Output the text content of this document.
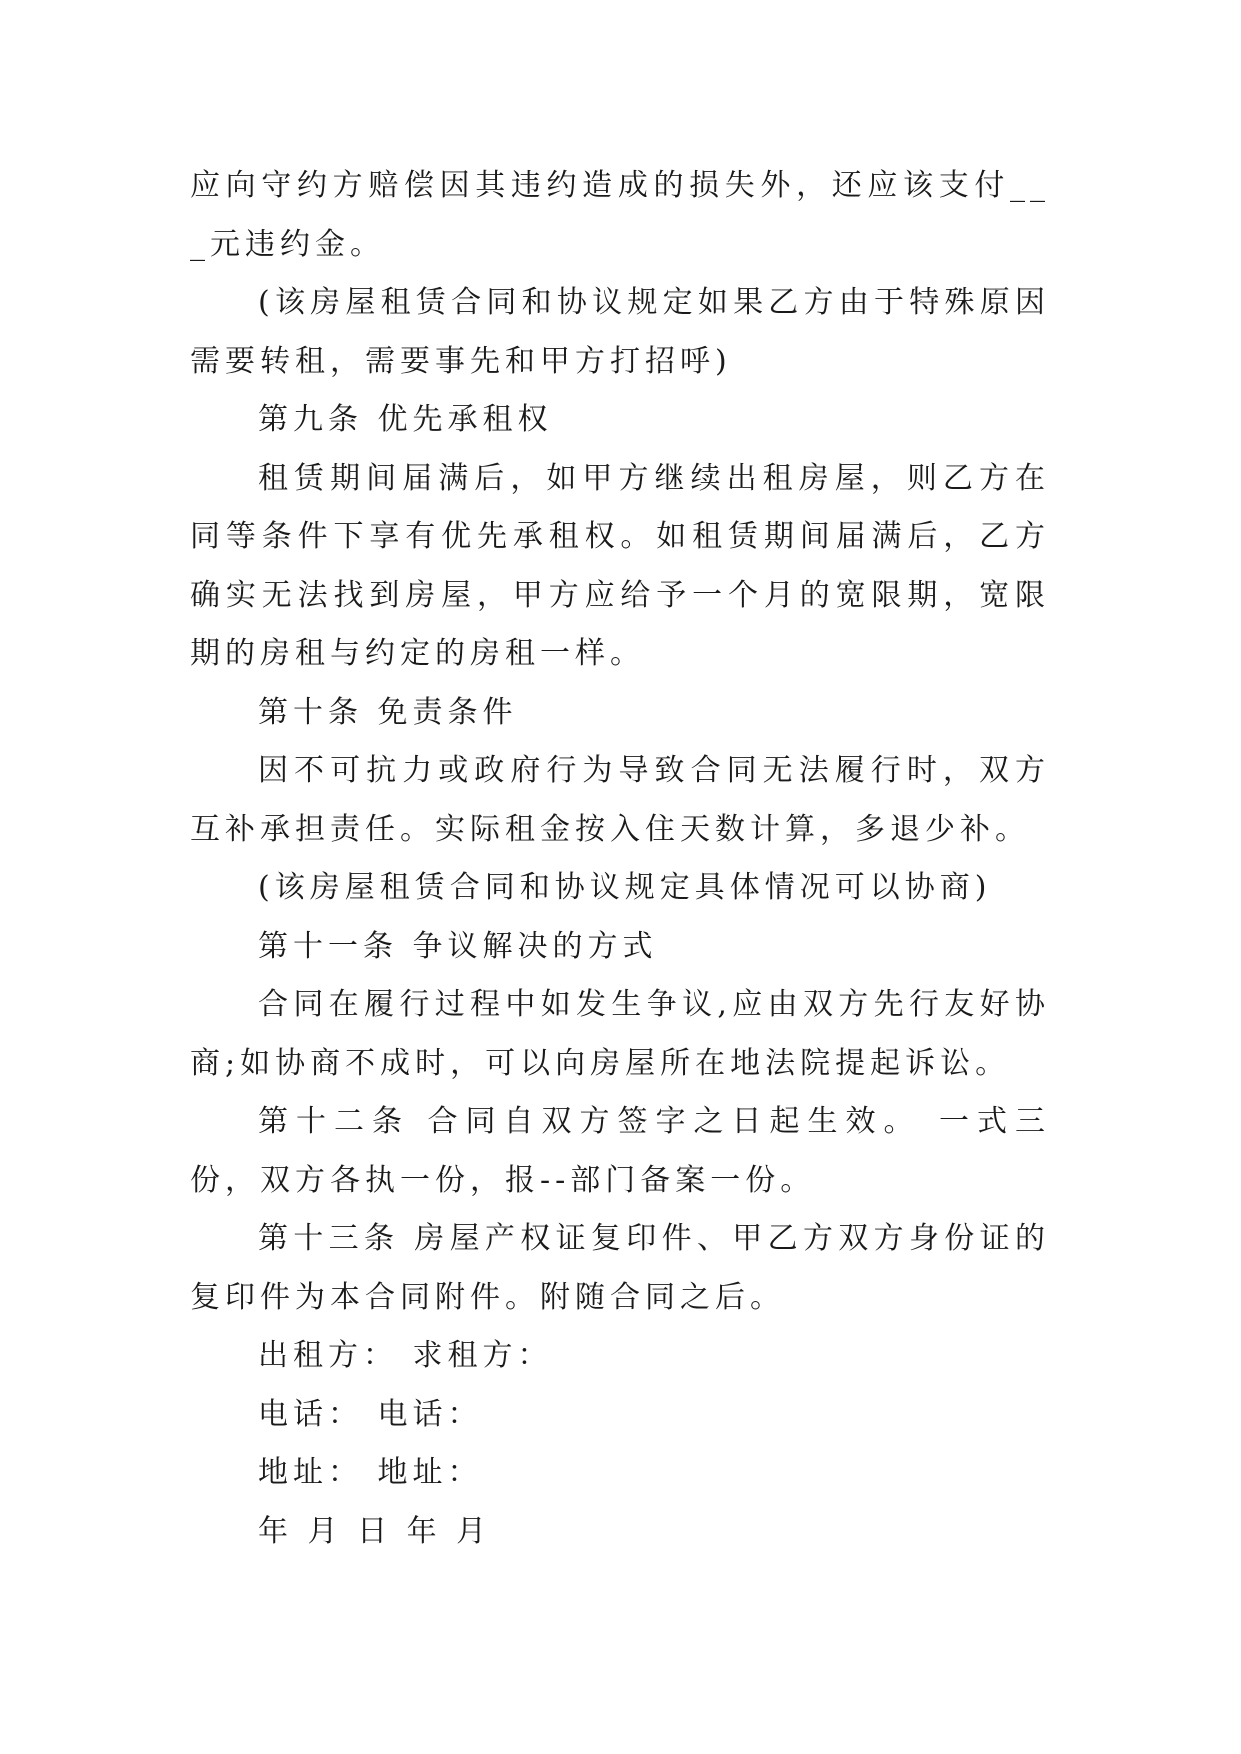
应向守约方赔偿因其违约造成的损失外，还应该支付___元违约金。

(该房屋租赁合同和协议规定如果乙方由于特殊原因需要转租，需要事先和甲方打招呼)

第九条 优先承租权

租赁期间届满后，如甲方继续出租房屋，则乙方在同等条件下享有优先承租权。如租赁期间届满后，乙方确实无法找到房屋，甲方应给予一个月的宽限期，宽限期的房租与约定的房租一样。

第十条 免责条件

因不可抗力或政府行为导致合同无法履行时，双方互补承担责任。实际租金按入住天数计算，多退少补。

(该房屋租赁合同和协议规定具体情况可以协商)

第十一条 争议解决的方式

合同在履行过程中如发生争议,应由双方先行友好协商;如协商不成时，可以向房屋所在地法院提起诉讼。

第十二条 合同自双方签字之日起生效。 一式三份，双方各执一份，报--部门备案一份。

第十三条 房屋产权证复印件、甲乙方双方身份证的复印件为本合同附件。附随合同之后。

出租方： 求租方：

电话： 电话：

地址： 地址：

年 月 日 年 月
